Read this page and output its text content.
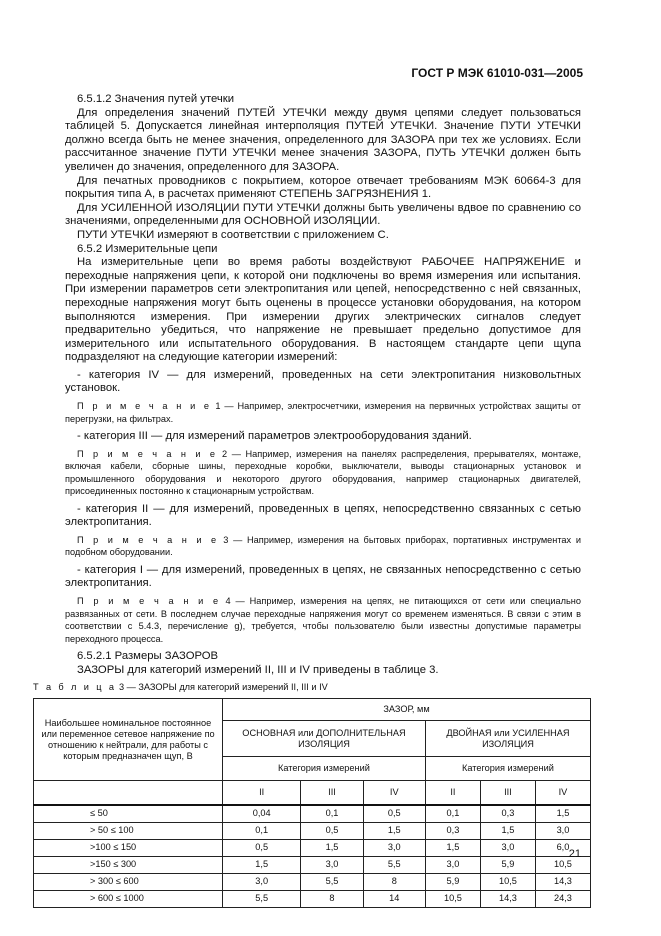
ГОСТ Р МЭК 61010-031—2005

6.5.1.2 Значения путей утечки

Для определения значений ПУТЕЙ УТЕЧКИ между двумя цепями следует пользоваться таблицей 5. Допускается линейная интерполяция ПУТЕЙ УТЕЧКИ. Значение ПУТИ УТЕЧКИ должно всегда быть не менее значения, определенного для ЗАЗОРА при тех же условиях. Если рассчитанное значение ПУТИ УТЕЧКИ менее значения ЗАЗОРА, ПУТЬ УТЕЧКИ должен быть увеличен до значения, определенного для ЗАЗОРА.

Для печатных проводников с покрытием, которое отвечает требованиям МЭК 60664-3 для покрытия типа А, в расчетах применяют СТЕПЕНЬ ЗАГРЯЗНЕНИЯ 1.

Для УСИЛЕННОЙ ИЗОЛЯЦИИ ПУТИ УТЕЧКИ должны быть увеличены вдвое по сравнению со значениями, определенными для ОСНОВНОЙ ИЗОЛЯЦИИ.

ПУТИ УТЕЧКИ измеряют в соответствии с приложением С.

6.5.2 Измерительные цепи

На измерительные цепи во время работы воздействуют РАБОЧЕЕ НАПРЯЖЕНИЕ и переходные напряжения цепи, к которой они подключены во время измерения или испытания. При измерении параметров сети электропитания или цепей, непосредственно с ней связанных, переходные напряжения могут быть оценены в процессе установки оборудования, на котором выполняются измерения. При измерении других электрических сигналов следует предварительно убедиться, что напряжение не превышает предельно допустимое для измерительного или испытательного оборудования. В настоящем стандарте цепи щупа подразделяют на следующие категории измерений:

- категория IV — для измерений, проведенных на сети электропитания низковольтных установок.

П р и м е ч а н и е 1 — Например, электросчетчики, измерения на первичных устройствах защиты от перегрузки, на фильтрах.

- категория III — для измерений параметров электрооборудования зданий.

П р и м е ч а н и е 2 — Например, измерения на панелях распределения, прерывателях, монтаже, включая кабели, сборные шины, переходные коробки, выключатели, выводы стационарных установок и промышленного оборудования и некоторого другого оборудования, например стационарных двигателей, присоединенных постоянно к стационарным устройствам.

- категория II — для измерений, проведенных в цепях, непосредственно связанных с сетью электропитания.

П р и м е ч а н и е 3 — Например, измерения на бытовых приборах, портативных инструментах и подобном оборудовании.

- категория I — для измерений, проведенных в цепях, не связанных непосредственно с сетью электропитания.

П р и м е ч а н и е 4 — Например, измерения на цепях, не питающихся от сети или специально развязанных от сети. В последнем случае переходные напряжения могут со временем изменяться. В связи с этим в соответствии с 5.4.3, перечисление g), требуется, чтобы пользователю были известны допустимые параметры переходного процесса.

6.5.2.1 Размеры ЗАЗОРОВ

ЗАЗОРЫ для категорий измерений II, III и IV приведены в таблице 3.

Т а б л и ц а 3 — ЗАЗОРЫ для категорий измерений II, III и IV

Наибольшее номинальное постоянное или переменное сетевое напряжение по отношению к нейтрали, для работы с которым предназначен щуп, В	ЗАЗОР, мм					
	ОСНОВНАЯ или ДОПОЛНИТЕЛЬНАЯ ИЗОЛЯЦИЯ			ДВОЙНАЯ или УСИЛЕННАЯ ИЗОЛЯЦИЯ		
	Категория измерений			Категория измерений		
	II	III	IV	II	III	IV
≤ 50	0,04	0,1	0,5	0,1	0,3	1,5
> 50 ≤ 100	0,1	0,5	1,5	0,3	1,5	3,0
>100 ≤ 150	0,5	1,5	3,0	1,5	3,0	6,0
>150 ≤ 300	1,5	3,0	5,5	3,0	5,9	10,5
> 300 ≤ 600	3,0	5,5	8	5,9	10,5	14,3
> 600 ≤ 1000	5,5	8	14	10,5	14,3	24,3
21
